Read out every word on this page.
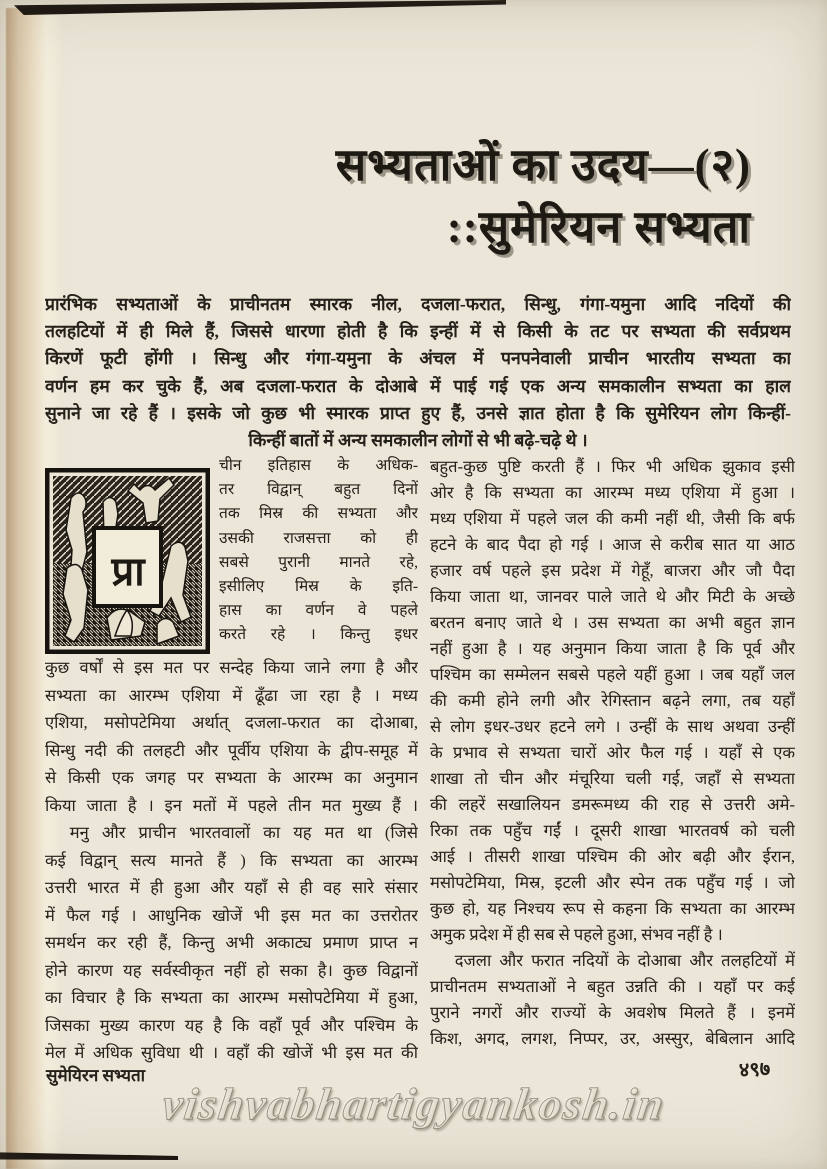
सभ्यताओं का उदय—(२)
::सुमेरियन सभ्यता
प्रारंभिक सभ्यताओं के प्राचीनतम स्मारक नील, दजला-फरात, सिन्धु, गंगा-यमुना आदि नदियों की
तलहटियों में ही मिले हैं, जिससे धारणा होती है कि इन्हीं में से किसी के तट पर सभ्यता की सर्वप्रथम
किरणें फूटी होंगी । सिन्धु और गंगा-यमुना के अंचल में पनपनेवाली प्राचीन भारतीय सभ्यता का
वर्णन हम कर चुके हैं, अब दजला-फरात के दोआबे में पाई गई एक अन्य समकालीन सभ्यता का हाल
सुनाने जा रहे हैं । इसके जो कुछ भी स्मारक प्राप्त हुए हैं, उनसे ज्ञात होता है कि सुमेरियन लोग किन्हीं-
किन्हीं बातों में अन्य समकालीन लोगों से भी बढ़े-चढ़े थे ।
प्रा
चीन इतिहास के अधिक-
तर विद्वान् बहुत दिनों
तक मिस्र की सभ्यता और
उसकी राजसत्ता को ही
सबसे पुरानी मानते रहे,
इसीलिए मिस्र के इति-
हास का वर्णन वे पहले
करते रहे । किन्तु इधर
कुछ वर्षों से इस मत पर सन्देह किया जाने लगा है और
सभ्यता का आरम्भ एशिया में ढूँढा जा रहा है । मध्य
एशिया, मसोपटेमिया अर्थात् दजला-फरात का दोआबा,
सिन्धु नदी की तलहटी और पूर्वीय एशिया के द्वीप-समूह में
से किसी एक जगह पर सभ्यता के आरम्भ का अनुमान
किया जाता है । इन मतों में पहले तीन मत मुख्य हैं ।
मनु और प्राचीन भारतवालों का यह मत था (जिसे
कई विद्वान् सत्य मानते हैं ) कि सभ्यता का आरम्भ
उत्तरी भारत में ही हुआ और यहाँ से ही वह सारे संसार
में फैल गई । आधुनिक खोजें भी इस मत का उत्तरोतर
समर्थन कर रही हैं, किन्तु अभी अकाट्य प्रमाण प्राप्त न
होने कारण यह सर्वस्वीकृत नहीं हो सका है। कुछ विद्वानों
का विचार है कि सभ्यता का आरम्भ मसोपटेमिया में हुआ,
जिसका मुख्य कारण यह है कि वहाँ पूर्व और पश्चिम के
मेल में अधिक सुविधा थी । वहाँ की खोजें भी इस मत की
बहुत-कुछ पुष्टि करती हैं । फिर भी अधिक झुकाव इसी
ओर है कि सभ्यता का आरम्भ मध्य एशिया में हुआ ।
मध्य एशिया में पहले जल की कमी नहीं थी, जैसी कि बर्फ
हटने के बाद पैदा हो गई । आज से करीब सात या आठ
हजार वर्ष पहले इस प्रदेश में गेहूँ, बाजरा और जौ पैदा
किया जाता था, जानवर पाले जाते थे और मिटी के अच्छे
बरतन बनाए जाते थे । उस सभ्यता का अभी बहुत ज्ञान
नहीं हुआ है । यह अनुमान किया जाता है कि पूर्व और
पश्चिम का सम्मेलन सबसे पहले यहीं हुआ । जब यहाँ जल
की कमी होने लगी और रेगिस्तान बढ़ने लगा, तब यहाँ
से लोग इधर-उधर हटने लगे । उन्हीं के साथ अथवा उन्हीं
के प्रभाव से सभ्यता चारों ओर फैल गई । यहाँ से एक
शाखा तो चीन और मंचूरिया चली गई, जहाँ से सभ्यता
की लहरें सखालियन डमरूमध्य की राह से उत्तरी अमे-
रिका तक पहुँच गईं । दूसरी शाखा भारतवर्ष को चली
आई । तीसरी शाखा पश्चिम की ओर बढ़ी और ईरान,
मसोपटेमिया, मिस्र, इटली और स्पेन तक पहुँच गई । जो
कुछ हो, यह निश्चय रूप से कहना कि सभ्यता का आरम्भ
अमुक प्रदेश में ही सब से पहले हुआ, संभव नहीं है ।
दजला और फरात नदियों के दोआबा और तलहटियों में
प्राचीनतम सभ्यताओं ने बहुत उन्नति की । यहाँ पर कई
पुराने नगरों और राज्यों के अवशेष मिलते हैं । इनमें
किश, अगद, लगश, निप्पर, उर, अस्सुर, बेबिलान आदि
सुमेयिरन सभ्यता	४९७
vishvabhartigyankosh.in
